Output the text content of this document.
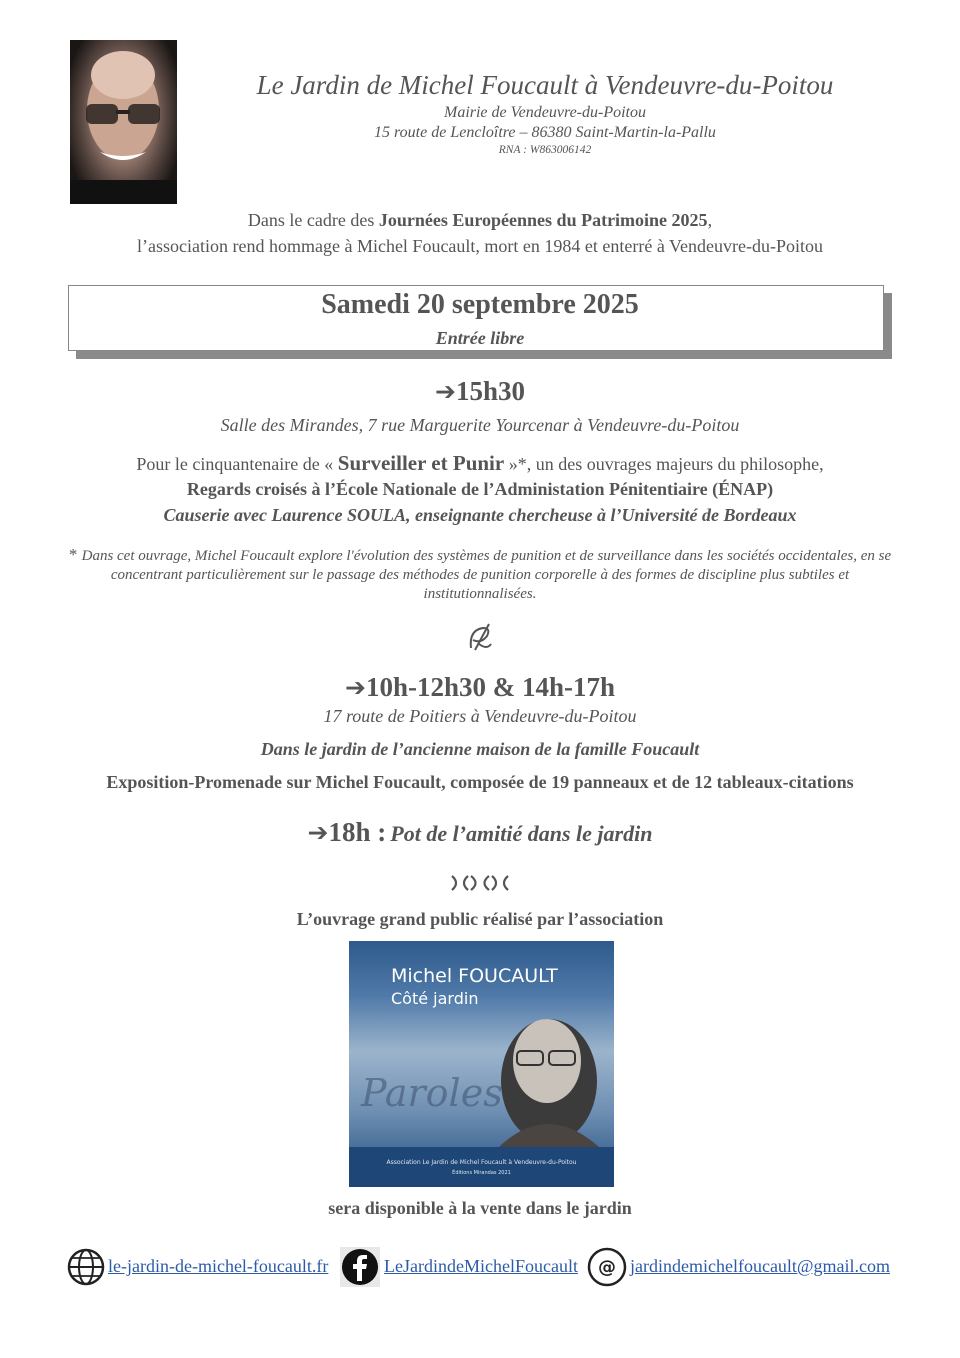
Le Jardin de Michel Foucault à Vendeuvre-du-Poitou
Mairie de Vendeuvre-du-Poitou
15 route de Lencloître – 86380 Saint-Martin-la-Pallu
RNA : W863006142
Dans le cadre des Journées Européennes du Patrimoine 2025,
l’association rend hommage à Michel Foucault, mort en 1984 et enterré à Vendeuvre-du-Poitou
Samedi 20 septembre 2025
Entrée libre
➔15h30
Salle des Mirandes, 7 rue Marguerite Yourcenar à Vendeuvre-du-Poitou
Pour le cinquantenaire de « Surveiller et Punir »*, un des ouvrages majeurs du philosophe,
Regards croisés à l’École Nationale de l’Administation Pénitentiaire (ÉNAP)
Causerie avec Laurence SOULA, enseignante chercheuse à l’Université de Bordeaux
* Dans cet ouvrage, Michel Foucault explore l'évolution des systèmes de punition et de surveillance dans les sociétés occidentales, en se concentrant particulièrement sur le passage des méthodes de punition corporelle à des formes de discipline plus subtiles et institutionnalisées.
➔10h-12h30 & 14h-17h
17 route de Poitiers à Vendeuvre-du-Poitou
Dans le jardin de l’ancienne maison de la famille Foucault
Exposition-Promenade sur Michel Foucault, composée de 19 panneaux et de 12 tableaux-citations
➔18h : Pot de l’amitié dans le jardin
L’ouvrage grand public réalisé par l’association
Michel FOUCAULT
Côté jardin
Paroles
Association Le Jardin de Michel Foucault à Vendeuvre-du-Poitou
Éditions Mirandas 2021
sera disponible à la vente dans le jardin
le-jardin-de-michel-foucault.fr	LeJardindeMichelFoucault @ jardindemichelfoucault@gmail.com
